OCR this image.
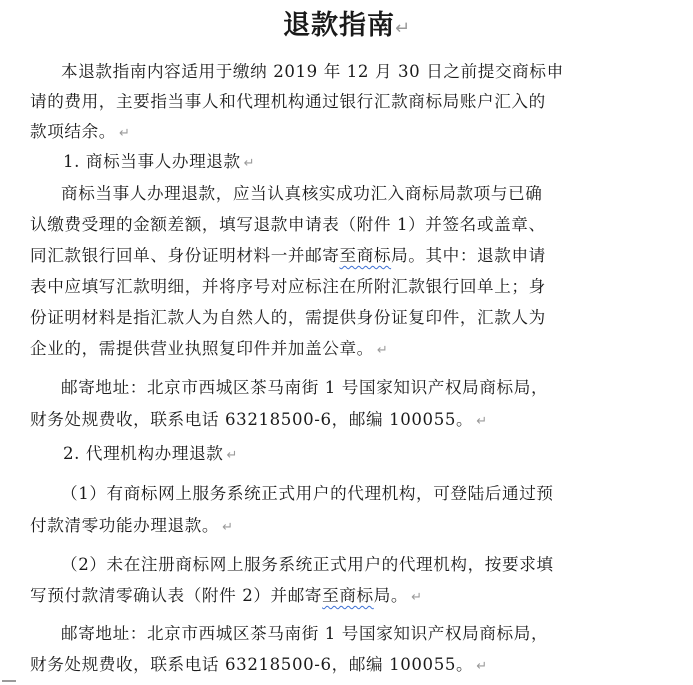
退款指南↵
本退款指南内容适用于缴纳 2019 年 12 月 30 日之前提交商标申
请的费用，主要指当事人和代理机构通过银行汇款商标局账户汇入的
款项结余。 ↵
1. 商标当事人办理退款 ↵
商标当事人办理退款，应当认真核实成功汇入商标局款项与已确
认缴费受理的金额差额，填写退款申请表（附件 1）并签名或盖章、
同汇款银行回单、身份证明材料一并邮寄至商标局。其中：退款申请
表中应填写汇款明细，并将序号对应标注在所附汇款银行回单上；身
份证明材料是指汇款人为自然人的，需提供身份证复印件，汇款人为
企业的，需提供营业执照复印件并加盖公章。 ↵
邮寄地址：北京市西城区茶马南街 1 号国家知识产权局商标局，
财务处规费收，联系电话 63218500-6，邮编 100055。 ↵
2. 代理机构办理退款 ↵
（1）有商标网上服务系统正式用户的代理机构，可登陆后通过预
付款清零功能办理退款。 ↵
（2）未在注册商标网上服务系统正式用户的代理机构，按要求填
写预付款清零确认表（附件 2）并邮寄至商标局。 ↵
邮寄地址：北京市西城区茶马南街 1 号国家知识产权局商标局，
财务处规费收，联系电话 63218500-6，邮编 100055。 ↵
